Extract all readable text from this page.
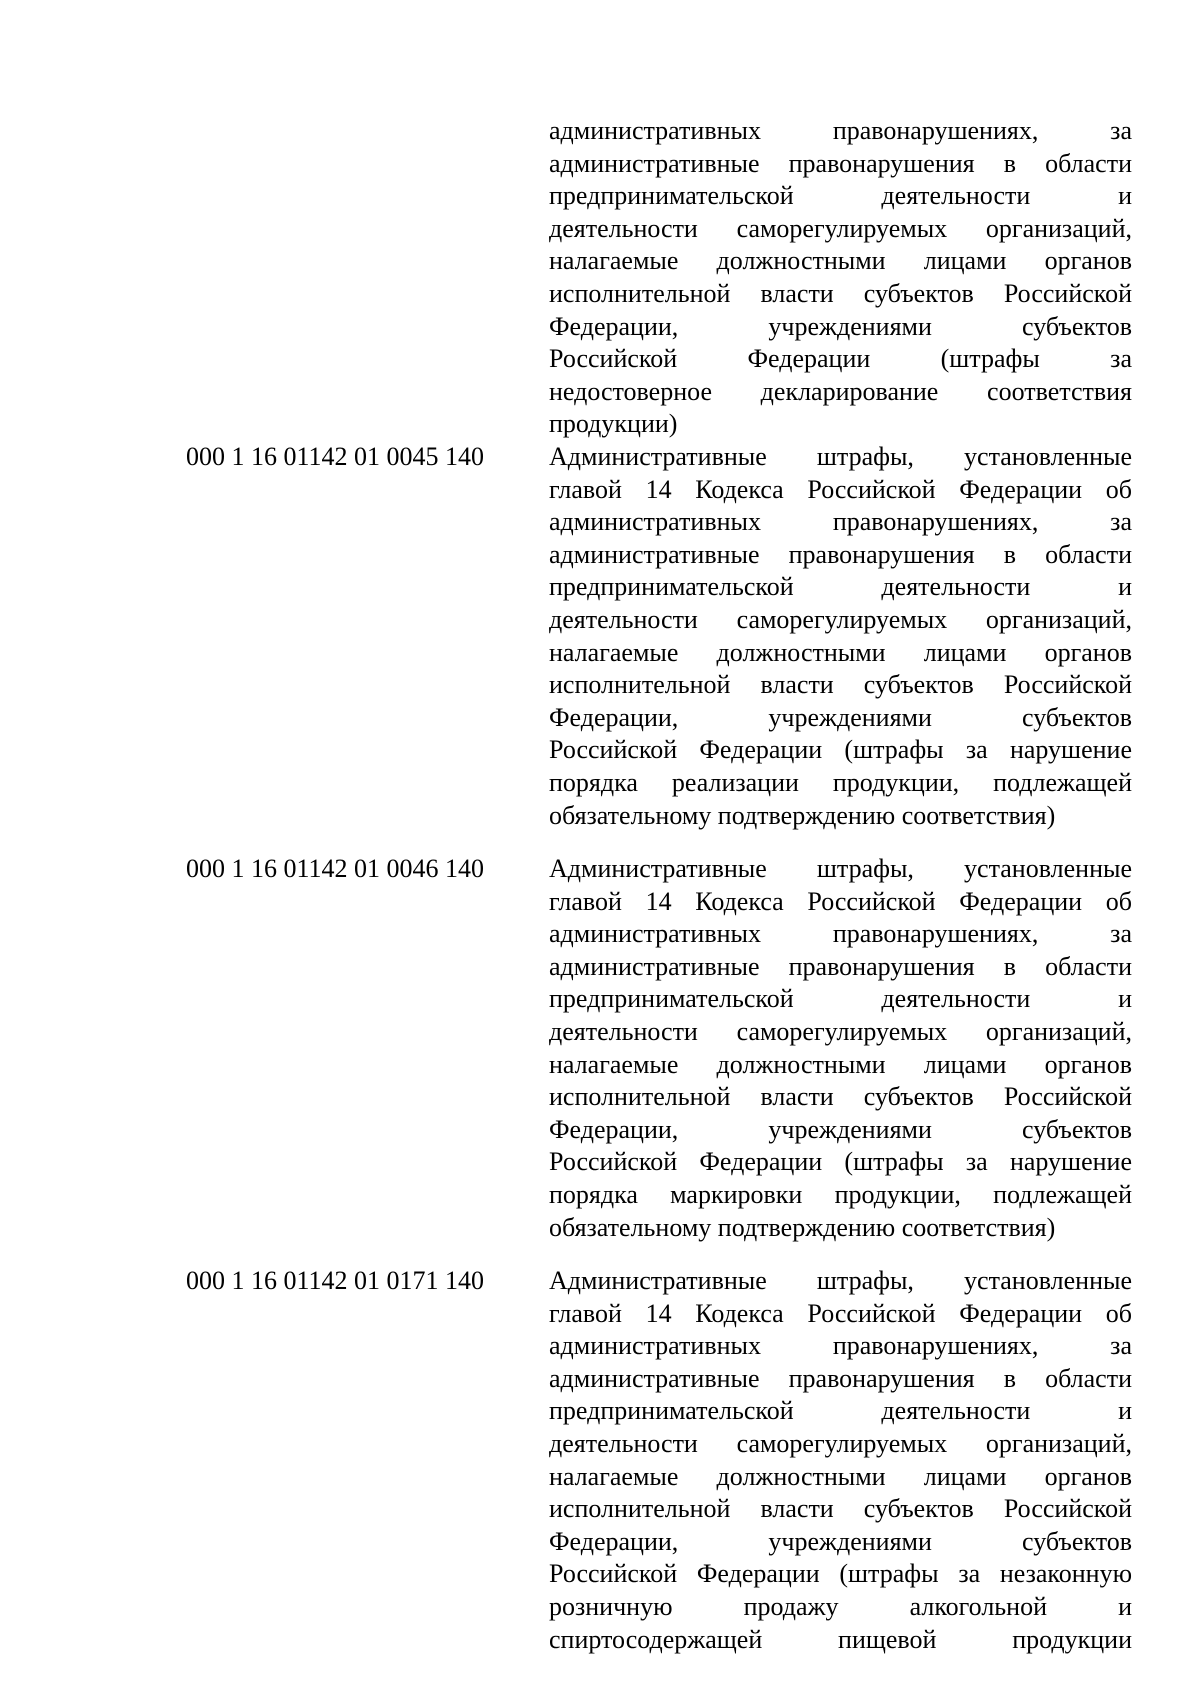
административных правонарушениях, за
административные правонарушения в области
предпринимательской деятельности и
деятельности саморегулируемых организаций,
налагаемые должностными лицами органов
исполнительной власти субъектов Российской
Федерации, учреждениями субъектов
Российской Федерации (штрафы за
недостоверное декларирование соответствия
продукции)
000 1 16 01142 01 0045 140	Административные штрафы, установленные
главой 14 Кодекса Российской Федерации об
административных правонарушениях, за
административные правонарушения в области
предпринимательской деятельности и
деятельности саморегулируемых организаций,
налагаемые должностными лицами органов
исполнительной власти субъектов Российской
Федерации, учреждениями субъектов
Российской Федерации (штрафы за нарушение
порядка реализации продукции, подлежащей
обязательному подтверждению соответствия)
000 1 16 01142 01 0046 140	Административные штрафы, установленные
главой 14 Кодекса Российской Федерации об
административных правонарушениях, за
административные правонарушения в области
предпринимательской деятельности и
деятельности саморегулируемых организаций,
налагаемые должностными лицами органов
исполнительной власти субъектов Российской
Федерации, учреждениями субъектов
Российской Федерации (штрафы за нарушение
порядка маркировки продукции, подлежащей
обязательному подтверждению соответствия)
000 1 16 01142 01 0171 140	Административные штрафы, установленные
главой 14 Кодекса Российской Федерации об
административных правонарушениях, за
административные правонарушения в области
предпринимательской деятельности и
деятельности саморегулируемых организаций,
налагаемые должностными лицами органов
исполнительной власти субъектов Российской
Федерации, учреждениями субъектов
Российской Федерации (штрафы за незаконную
розничную продажу алкогольной и
спиртосодержащей пищевой продукции
